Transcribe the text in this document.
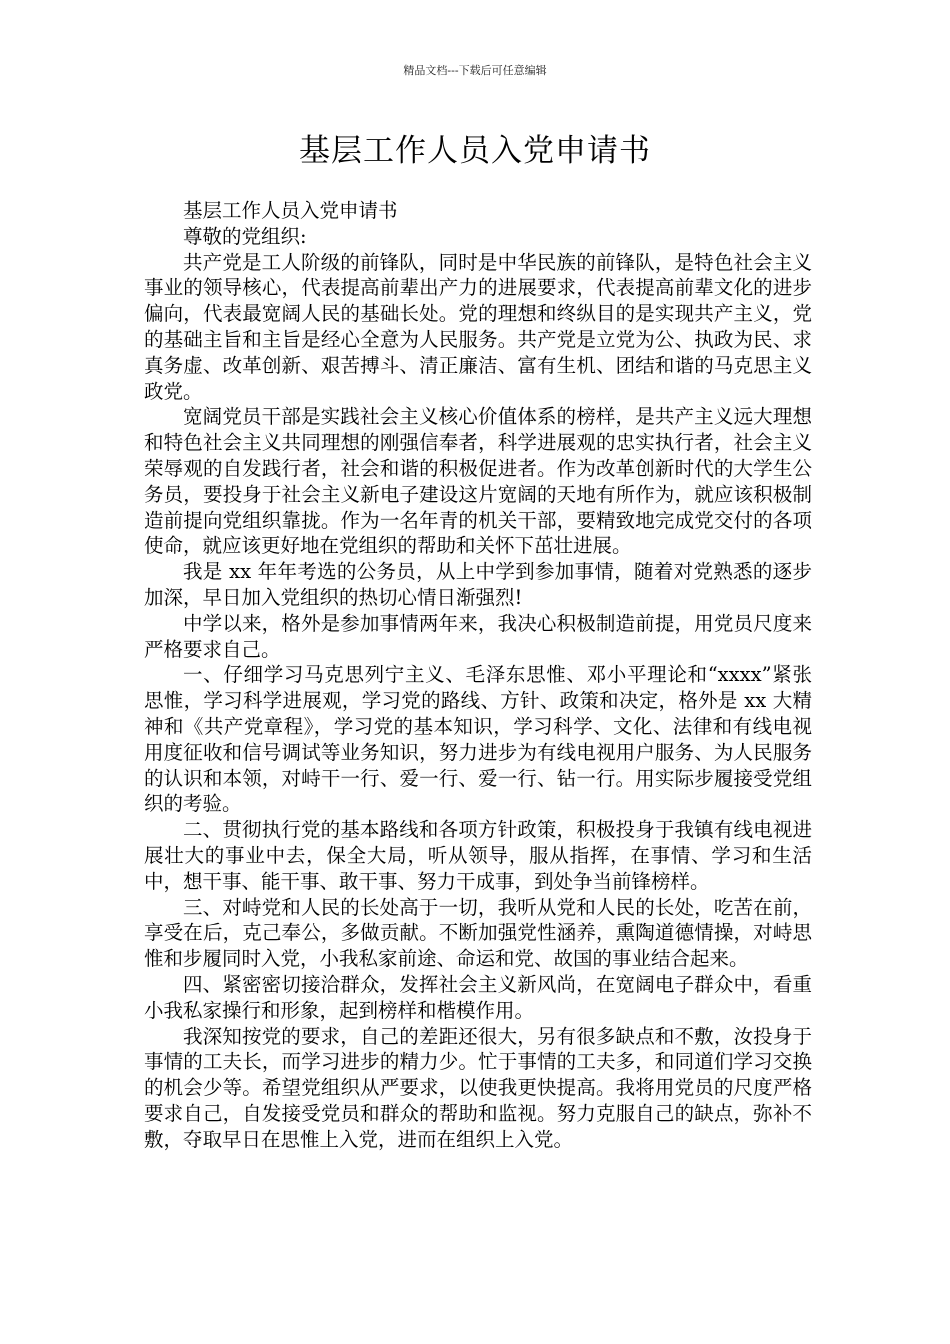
精品文档---下载后可任意编辑
基层工作人员入党申请书

基层工作人员入党申请书

尊敬的党组织:

共产党是工人阶级的前锋队，同时是中华民族的前锋队，是特色社会主义事业的领导核心，代表提高前辈出产力的进展要求，代表提高前辈文化的进步偏向，代表最宽阔人民的基础长处。党的理想和终纵目的是实现共产主义，党的基础主旨和主旨是经心全意为人民服务。共产党是立党为公、执政为民、求真务虚、改革创新、艰苦搏斗、清正廉洁、富有生机、团结和谐的马克思主义政党。

宽阔党员干部是实践社会主义核心价值体系的榜样，是共产主义远大理想和特色社会主义共同理想的刚强信奉者，科学进展观的忠实执行者，社会主义荣辱观的自发践行者，社会和谐的积极促进者。作为改革创新时代的大学生公务员，要投身于社会主义新电子建设这片宽阔的天地有所作为，就应该积极制造前提向党组织靠拢。作为一名年青的机关干部，要精致地完成党交付的各项使命，就应该更好地在党组织的帮助和关怀下茁壮进展。

我是 xx 年年考选的公务员，从上中学到参加事情，随着对党熟悉的逐步加深，早日加入党组织的热切心情日渐强烈!

中学以来，格外是参加事情两年来，我决心积极制造前提，用党员尺度来严格要求自己。

一、仔细学习马克思列宁主义、毛泽东思惟、邓小平理论和“xxxx”紧张思惟，学习科学进展观，学习党的路线、方针、政策和决定，格外是 xx 大精神和《共产党章程》，学习党的基本知识，学习科学、文化、法律和有线电视用度征收和信号调试等业务知识，努力进步为有线电视用户服务、为人民服务的认识和本领，对峙干一行、爱一行、爱一行、钻一行。用实际步履接受党组织的考验。

二、贯彻执行党的基本路线和各项方针政策，积极投身于我镇有线电视进展壮大的事业中去，保全大局，听从领导，服从指挥，在事情、学习和生活中，想干事、能干事、敢干事、努力干成事，到处争当前锋榜样。

三、对峙党和人民的长处高于一切，我听从党和人民的长处，吃苦在前，享受在后，克己奉公，多做贡献。不断加强党性涵养，熏陶道德情操，对峙思惟和步履同时入党，小我私家前途、命运和党、故国的事业结合起来。

四、紧密密切接洽群众，发挥社会主义新风尚，在宽阔电子群众中，看重小我私家操行和形象，起到榜样和楷模作用。

我深知按党的要求，自己的差距还很大，另有很多缺点和不敷，汝投身于事情的工夫长，而学习进步的精力少。忙于事情的工夫多，和同道们学习交换的机会少等。希望党组织从严要求，以使我更快提高。我将用党员的尺度严格要求自己，自发接受党员和群众的帮助和监视。努力克服自己的缺点，弥补不敷，夺取早日在思惟上入党，进而在组织上入党。
